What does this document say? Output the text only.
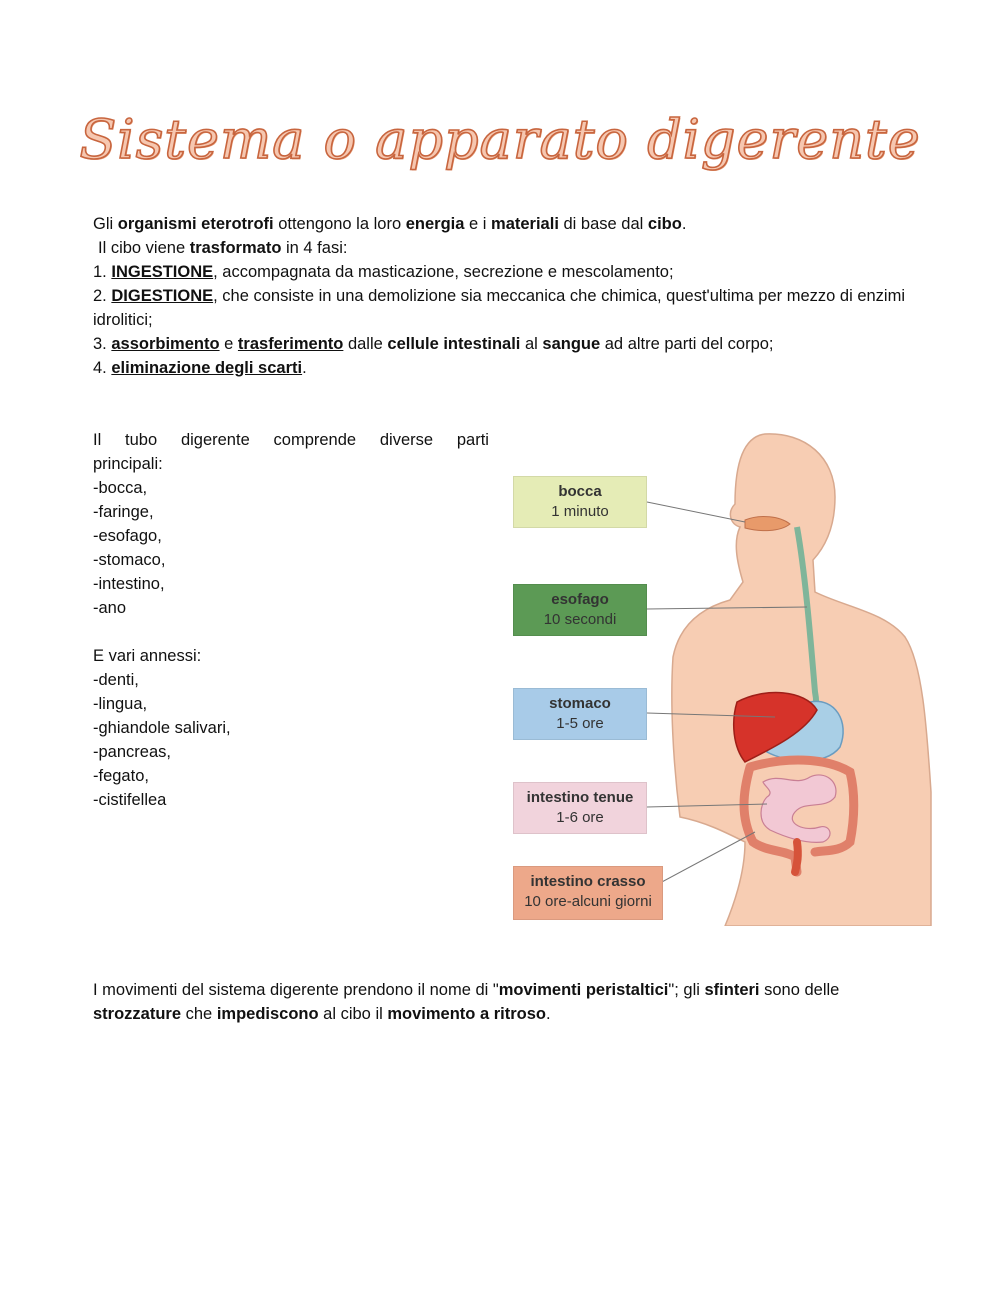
Sistema o apparato digerente

Gli organismi eterotrofi ottengono la loro energia e i materiali di base dal cibo.

Il cibo viene trasformato in 4 fasi:

1. INGESTIONE, accompagnata da masticazione, secrezione e mescolamento;

2. DIGESTIONE, che consiste in una demolizione sia meccanica che chimica, quest'ultima per mezzo di enzimi idrolitici;

3. assorbimento e trasferimento dalle cellule intestinali al sangue ad altre parti del corpo;

4. eliminazione degli scarti.

Il tubo digerente comprende diverse parti

principali:

-bocca,

-faringe,

-esofago,

-stomaco,

-intestino,

-ano

E vari annessi:

-denti,

-lingua,

-ghiandole salivari,

-pancreas,

-fegato,

-cistifellea

bocca
1 minuto
esofago
10 secondi
stomaco
1-5 ore
intestino tenue
1-6 ore
intestino crasso
10 ore-alcuni giorni

I movimenti del sistema digerente prendono il nome di "movimenti peristaltici"; gli sfinteri sono delle strozzature che impediscono al cibo il movimento a ritroso.
